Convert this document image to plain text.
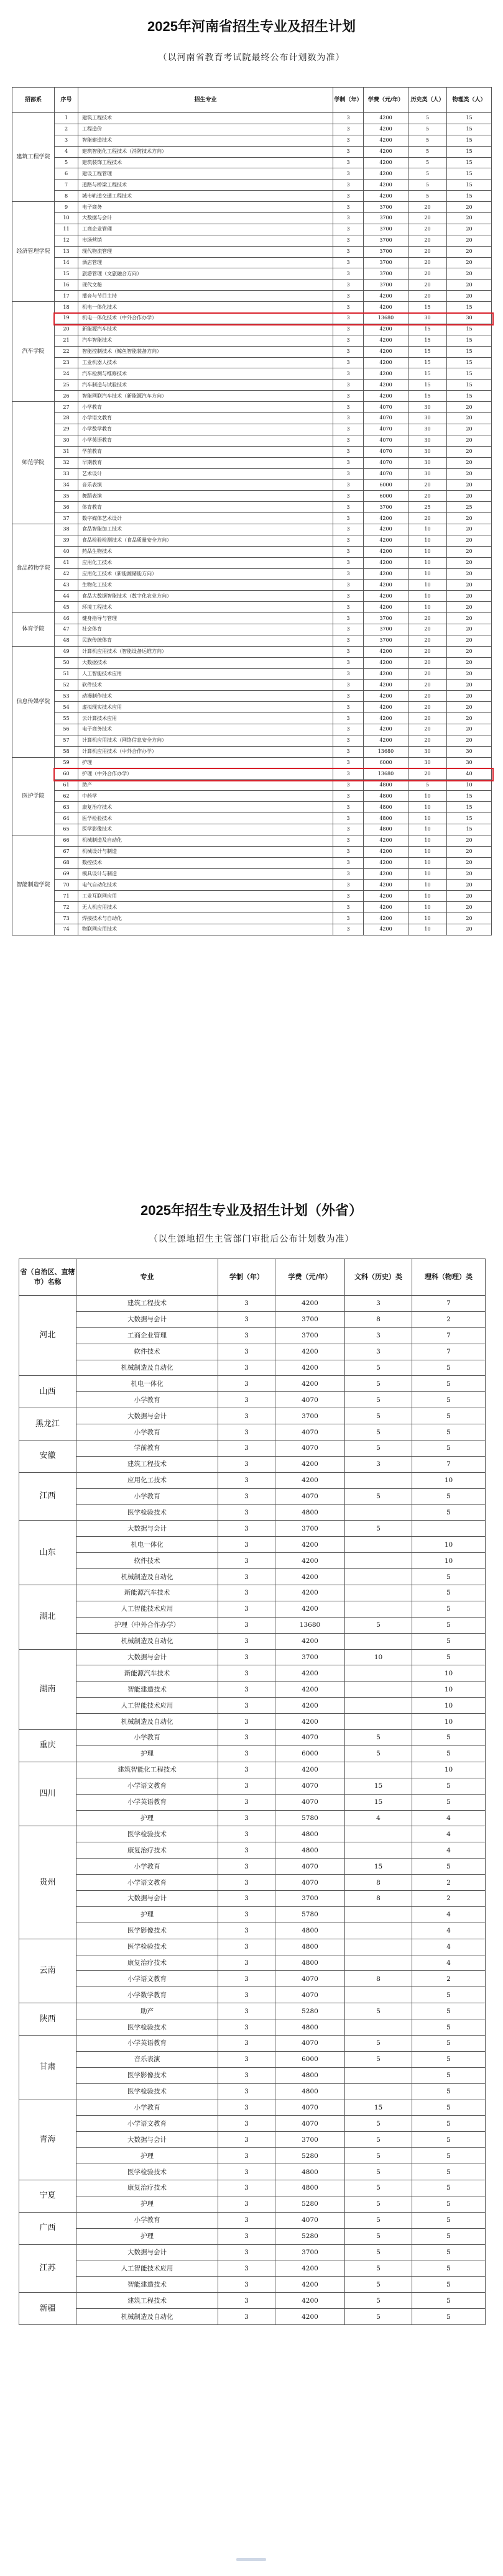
2025年河南省招生专业及招生计划
（以河南省教育考试院最终公布计划数为准）
招部系	序号	招生专业	学制（年）	学费（元/年）	历史类（人）	物理类（人）
建筑工程学院	1	建筑工程技术	3	4200	5	15
	2	工程造价	3	4200	5	15
	3	智能建造技术	3	4200	5	15
	4	建筑智能化工程技术（消防技术方向）	3	4200	5	15
	5	建筑装饰工程技术	3	4200	5	15
	6	建设工程管理	3	4200	5	15
	7	道路与桥梁工程技术	3	4200	5	15
	8	城市轨道交通工程技术	3	4200	5	15
经济管理学院	9	电子商务	3	3700	20	20
	10	大数据与会计	3	3700	20	20
	11	工商企业管理	3	3700	20	20
	12	市场营销	3	3700	20	20
	13	现代物流管理	3	3700	20	20
	14	酒店管理	3	3700	20	20
	15	旅游管理（文旅融合方向）	3	3700	20	20
	16	现代文秘	3	3700	20	20
	17	播音与节目主持	3	4200	20	20
汽车学院	18	机电一体化技术	3	4200	15	15
	19	机电一体化技术（中外合作办学）	3	13680	30	30
	20	新能源汽车技术	3	4200	15	15
	21	汽车智能技术	3	4200	15	15
	22	智能控制技术（鲸鱼智能装备方向）	3	4200	15	15
	23	工业机器人技术	3	4200	15	15
	24	汽车检测与维修技术	3	4200	15	15
	25	汽车制造与试验技术	3	4200	15	15
	26	智能网联汽车技术（新能源汽车方向）	3	4200	15	15
师范学院	27	小学教育	3	4070	30	20
	28	小学语文教育	3	4070	30	20
	29	小学数学教育	3	4070	30	20
	30	小学英语教育	3	4070	30	20
	31	学前教育	3	4070	30	20
	32	早期教育	3	4070	30	20
	33	艺术设计	3	4070	30	20
	34	音乐表演	3	6000	20	20
	35	舞蹈表演	3	6000	20	20
	36	体育教育	3	3700	25	25
	37	数字媒体艺术设计	3	4200	20	20
食品药物学院	38	食品智能加工技术	3	4200	10	20
	39	食品检验检测技术（食品质量安全方向）	3	4200	10	20
	40	药品生物技术	3	4200	10	20
	41	应用化工技术	3	4200	10	20
	42	应用化工技术（新能源储能方向）	3	4200	10	20
	43	生物化工技术	3	4200	10	20
	44	食品大数据智能技术（数字化农业方向）	3	4200	10	20
	45	环境工程技术	3	4200	10	20
体育学院	46	健身指导与管理	3	3700	20	20
	47	社会体育	3	3700	20	20
	48	民族传统体育	3	3700	20	20
信息传媒学院	49	计算机应用技术（智能设备运维方向）	3	4200	20	20
	50	大数据技术	3	4200	20	20
	51	人工智能技术应用	3	4200	20	20
	52	软件技术	3	4200	20	20
	53	动漫制作技术	3	4200	20	20
	54	虚拟现实技术应用	3	4200	20	20
	55	云计算技术应用	3	4200	20	20
	56	电子商务技术	3	4200	20	20
	57	计算机应用技术（网络信息安全方向）	3	4200	20	20
	58	计算机应用技术（中外合作办学）	3	13680	30	30
医护学院	59	护理	3	6000	30	30
	60	护理（中外合作办学）	3	13680	20	40
	61	助产	3	4800	5	10
	62	中药学	3	4800	10	15
	63	康复治疗技术	3	4800	10	15
	64	医学检验技术	3	4800	10	15
	65	医学影像技术	3	4800	10	15
智能制造学院	66	机械制造及自动化	3	4200	10	20
	67	机械设计与制造	3	4200	10	20
	68	数控技术	3	4200	10	20
	69	模具设计与制造	3	4200	10	20
	70	电气自动化技术	3	4200	10	20
	71	工业互联网应用	3	4200	10	20
	72	无人机应用技术	3	4200	10	20
	73	焊接技术与自动化	3	4200	10	20
	74	物联网应用技术	3	4200	10	20
2025年招生专业及招生计划（外省）
（以生源地招生主管部门审批后公布计划数为准）
省（自治区、直辖市）名称	专业	学制（年）	学费（元/年）	文科（历史）类	理科（物理）类
河北	建筑工程技术	3	4200	3	7
	大数据与会计	3	3700	8	2
	工商企业管理	3	3700	3	7
	软件技术	3	4200	3	7
	机械制造及自动化	3	4200	5	5
山西	机电一体化	3	4200	5	5
	小学教育	3	4070	5	5
黑龙江	大数据与会计	3	3700	5	5
	小学教育	3	4070	5	5
安徽	学前教育	3	4070	5	5
	建筑工程技术	3	4200	3	7
江西	应用化工技术	3	4200		10
	小学教育	3	4070	5	5
	医学检验技术	3	4800		5
山东	大数据与会计	3	3700	5	
	机电一体化	3	4200		10
	软件技术	3	4200		10
	机械制造及自动化	3	4200		5
湖北	新能源汽车技术	3	4200		5
	人工智能技术应用	3	4200		5
	护理（中外合作办学）	3	13680	5	5
	机械制造及自动化	3	4200		5
湖南	大数据与会计	3	3700	10	5
	新能源汽车技术	3	4200		10
	智能建造技术	3	4200		10
	人工智能技术应用	3	4200		10
	机械制造及自动化	3	4200		10
重庆	小学教育	3	4070	5	5
	护理	3	6000	5	5
四川	建筑智能化工程技术	3	4200		10
	小学语文教育	3	4070	15	5
	小学英语教育	3	4070	15	5
	护理	3	5780	4	4
贵州	医学检验技术	3	4800		4
	康复治疗技术	3	4800		4
	小学教育	3	4070	15	5
	小学语文教育	3	4070	8	2
	大数据与会计	3	3700	8	2
	护理	3	5780		4
	医学影像技术	3	4800		4
云南	医学检验技术	3	4800		4
	康复治疗技术	3	4800		4
	小学语文教育	3	4070	8	2
	小学数学教育	3	4070		5
陕西	助产	3	5280	5	5
	医学检验技术	3	4800		5
甘肃	小学英语教育	3	4070	5	5
	音乐表演	3	6000	5	5
	医学影像技术	3	4800		5
	医学检验技术	3	4800		5
青海	小学教育	3	4070	15	5
	小学语文教育	3	4070	5	5
	大数据与会计	3	3700	5	5
	护理	3	5280	5	5
	医学检验技术	3	4800	5	5
宁夏	康复治疗技术	3	4800	5	5
	护理	3	5280	5	5
广西	小学教育	3	4070	5	5
	护理	3	5280	5	5
江苏	大数据与会计	3	3700	5	5
	人工智能技术应用	3	4200	5	5
	智能建造技术	3	4200	5	5
新疆	建筑工程技术	3	4200	5	5
	机械制造及自动化	3	4200	5	5
